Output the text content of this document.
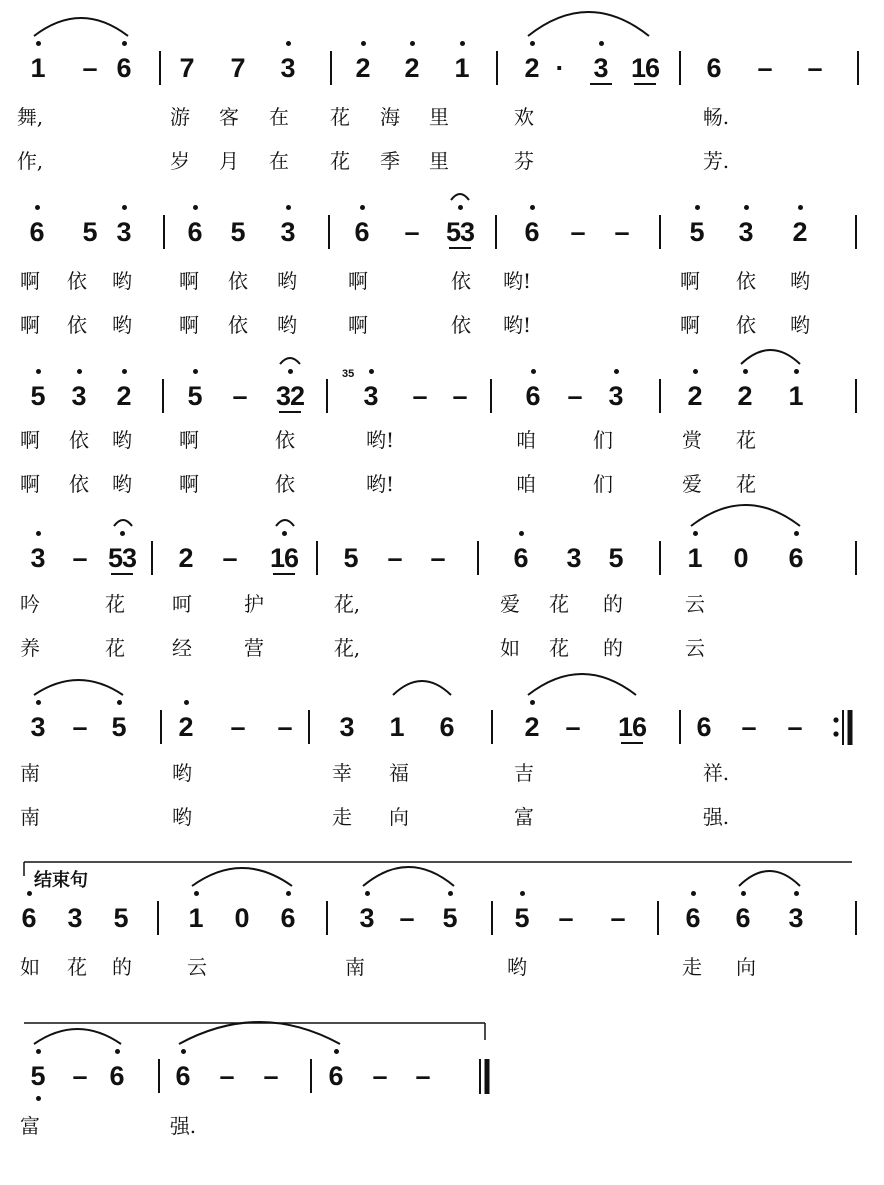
1 – 6 7 7 3 2 2 1 2 ·	3 16 6 – –
舞,	游 客 在 花 海 里	欢	畅.
作,	岁 月 在 花 季 里	芬	芳.
6 5 3 6 5 3 6 – 53 6 – – 5 3 2
啊 依 哟 啊 依 哟	啊	依 哟!	啊 依 哟
啊 依 哟 啊 依 哟	啊	依 哟!	啊 依 哟
5 3 2 5 – 32 3 – – 6 – 3 2 2 1
啊 依 哟 啊	依	哟!	咱	们	赏 花
啊 依 哟 啊	依	哟!	咱	们	爱 花
3 – 53 2 – 16 5 – –	6 3 5 1 0 6
吟	花 呵	护	花,	爱 花 的	云
养	花 经	营	花,	如 花 的	云
3 – 5 2 – – 3 1 6	2 – 16 6 – –
南	哟	幸 福	吉	祥.
南	哟	走 向	富	强.
6 3 5 1 0 6 3 – 5 5 – – 6 6 3
如 花 的	云	南	哟	走 向
5 – 6 6 – – 6 – –
富	强.
结束句
35
